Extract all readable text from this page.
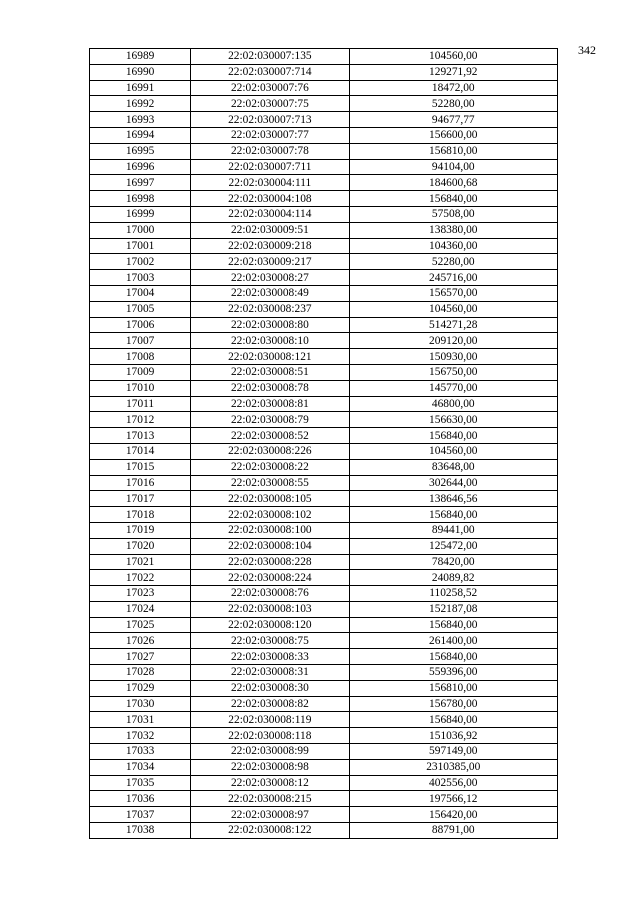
342
16989	22:02:030007:135	104560,00
16990	22:02:030007:714	129271,92
16991	22:02:030007:76	18472,00
16992	22:02:030007:75	52280,00
16993	22:02:030007:713	94677,77
16994	22:02:030007:77	156600,00
16995	22:02:030007:78	156810,00
16996	22:02:030007:711	94104,00
16997	22:02:030004:111	184600,68
16998	22:02:030004:108	156840,00
16999	22:02:030004:114	57508,00
17000	22:02:030009:51	138380,00
17001	22:02:030009:218	104360,00
17002	22:02:030009:217	52280,00
17003	22:02:030008:27	245716,00
17004	22:02:030008:49	156570,00
17005	22:02:030008:237	104560,00
17006	22:02:030008:80	514271,28
17007	22:02:030008:10	209120,00
17008	22:02:030008:121	150930,00
17009	22:02:030008:51	156750,00
17010	22:02:030008:78	145770,00
17011	22:02:030008:81	46800,00
17012	22:02:030008:79	156630,00
17013	22:02:030008:52	156840,00
17014	22:02:030008:226	104560,00
17015	22:02:030008:22	83648,00
17016	22:02:030008:55	302644,00
17017	22:02:030008:105	138646,56
17018	22:02:030008:102	156840,00
17019	22:02:030008:100	89441,00
17020	22:02:030008:104	125472,00
17021	22:02:030008:228	78420,00
17022	22:02:030008:224	24089,82
17023	22:02:030008:76	110258,52
17024	22:02:030008:103	152187,08
17025	22:02:030008:120	156840,00
17026	22:02:030008:75	261400,00
17027	22:02:030008:33	156840,00
17028	22:02:030008:31	559396,00
17029	22:02:030008:30	156810,00
17030	22:02:030008:82	156780,00
17031	22:02:030008:119	156840,00
17032	22:02:030008:118	151036,92
17033	22:02:030008:99	597149,00
17034	22:02:030008:98	2310385,00
17035	22:02:030008:12	402556,00
17036	22:02:030008:215	197566,12
17037	22:02:030008:97	156420,00
17038	22:02:030008:122	88791,00
